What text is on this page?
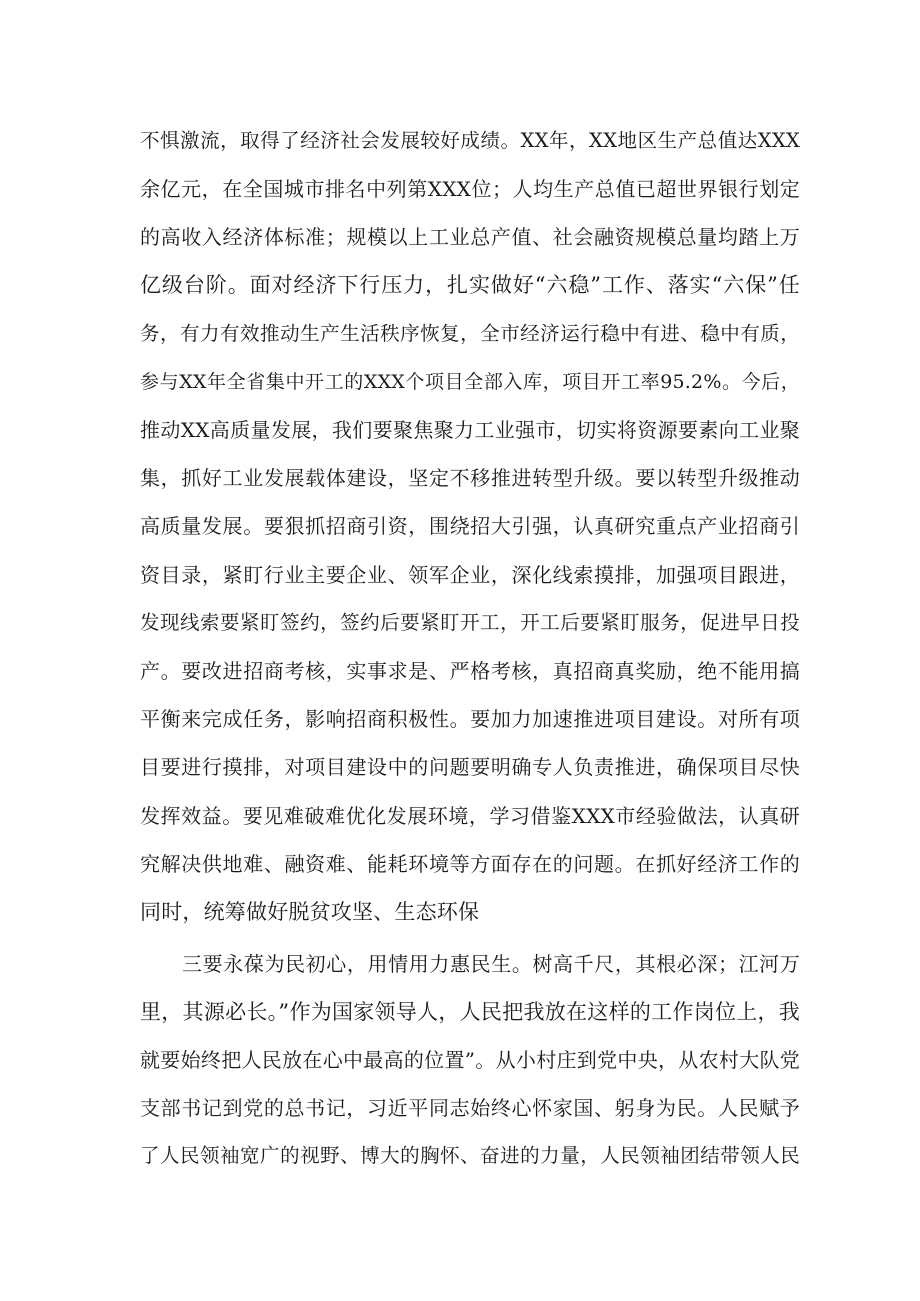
不惧激流，取得了经济社会发展较好成绩。XX年，XX地区生产总值达XXX
余亿元，在全国城市排名中列第XXX位；人均生产总值已超世界银行划定
的高收入经济体标准；规模以上工业总产值、社会融资规模总量均踏上万
亿级台阶。面对经济下行压力，扎实做好“六稳”工作、落实“六保”任
务，有力有效推动生产生活秩序恢复，全市经济运行稳中有进、稳中有质，
参与XX年全省集中开工的XXX个项目全部入库，项目开工率95.2%。今后，
推动XX高质量发展，我们要聚焦聚力工业强市，切实将资源要素向工业聚
集，抓好工业发展载体建设，坚定不移推进转型升级。要以转型升级推动
高质量发展。要狠抓招商引资，围绕招大引强，认真研究重点产业招商引
资目录，紧盯行业主要企业、领军企业，深化线索摸排，加强项目跟进，
发现线索要紧盯签约，签约后要紧盯开工，开工后要紧盯服务，促进早日投
产。要改进招商考核，实事求是、严格考核，真招商真奖励，绝不能用搞
平衡来完成任务，影响招商积极性。要加力加速推进项目建设。对所有项
目要进行摸排，对项目建设中的问题要明确专人负责推进，确保项目尽快
发挥效益。要见难破难优化发展环境，学习借鉴XXX市经验做法，认真研
究解决供地难、融资难、能耗环境等方面存在的问题。在抓好经济工作的
同时，统筹做好脱贫攻坚、生态环保
三要永葆为民初心，用情用力惠民生。树高千尺，其根必深；江河万
里，其源必长。”作为国家领导人，人民把我放在这样的工作岗位上，我
就要始终把人民放在心中最高的位置”。从小村庄到党中央，从农村大队党
支部书记到党的总书记，习近平同志始终心怀家国、躬身为民。人民赋予
了人民领袖宽广的视野、博大的胸怀、奋进的力量，人民领袖团结带领人民
